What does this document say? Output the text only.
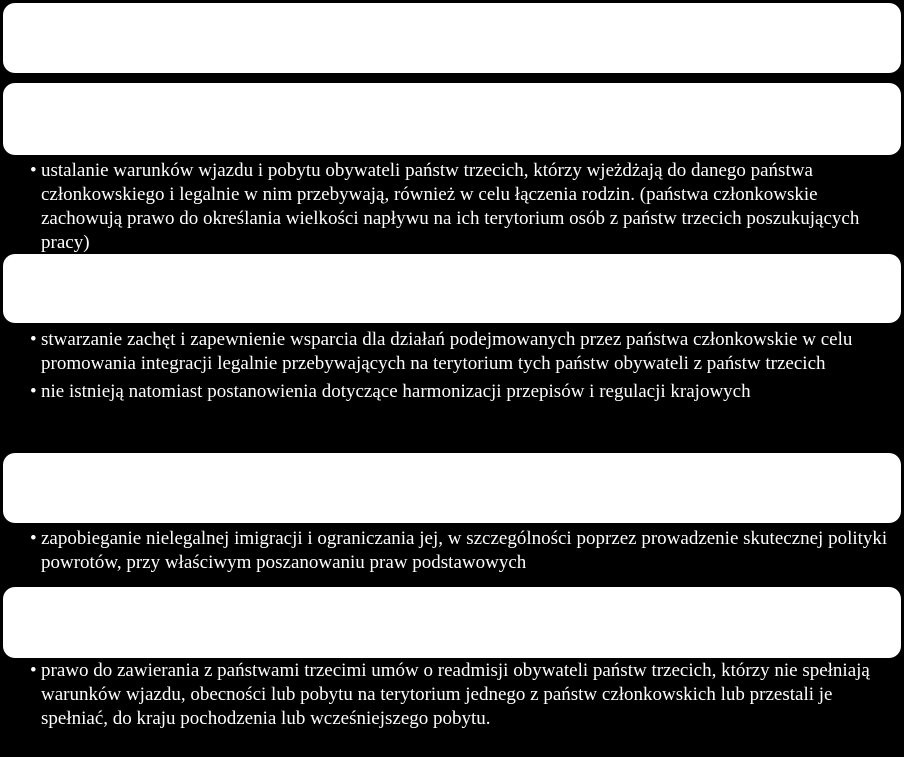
• ustalanie warunków wjazdu i pobytu obywateli państw trzecich, którzy wjeżdżają do danego państwa członkowskiego i legalnie w nim przebywają, również w celu łączenia rodzin. (państwa członkowskie zachowują prawo do określania wielkości napływu na ich terytorium osób z państw trzecich poszukujących pracy)
• stwarzanie zachęt i zapewnienie wsparcia dla działań podejmowanych przez państwa członkowskie w celu promowania integracji legalnie przebywających na terytorium tych państw obywateli z państw trzecich
• nie istnieją natomiast postanowienia dotyczące harmonizacji przepisów i regulacji krajowych
• zapobieganie nielegalnej imigracji i ograniczania jej, w szczególności poprzez prowadzenie skutecznej polityki powrotów, przy właściwym poszanowaniu praw podstawowych
• prawo do zawierania z państwami trzecimi umów o readmisji obywateli państw trzecich, którzy nie spełniają warunków wjazdu, obecności lub pobytu na terytorium jednego z państw członkowskich lub przestali je spełniać, do kraju pochodzenia lub wcześniejszego pobytu.
